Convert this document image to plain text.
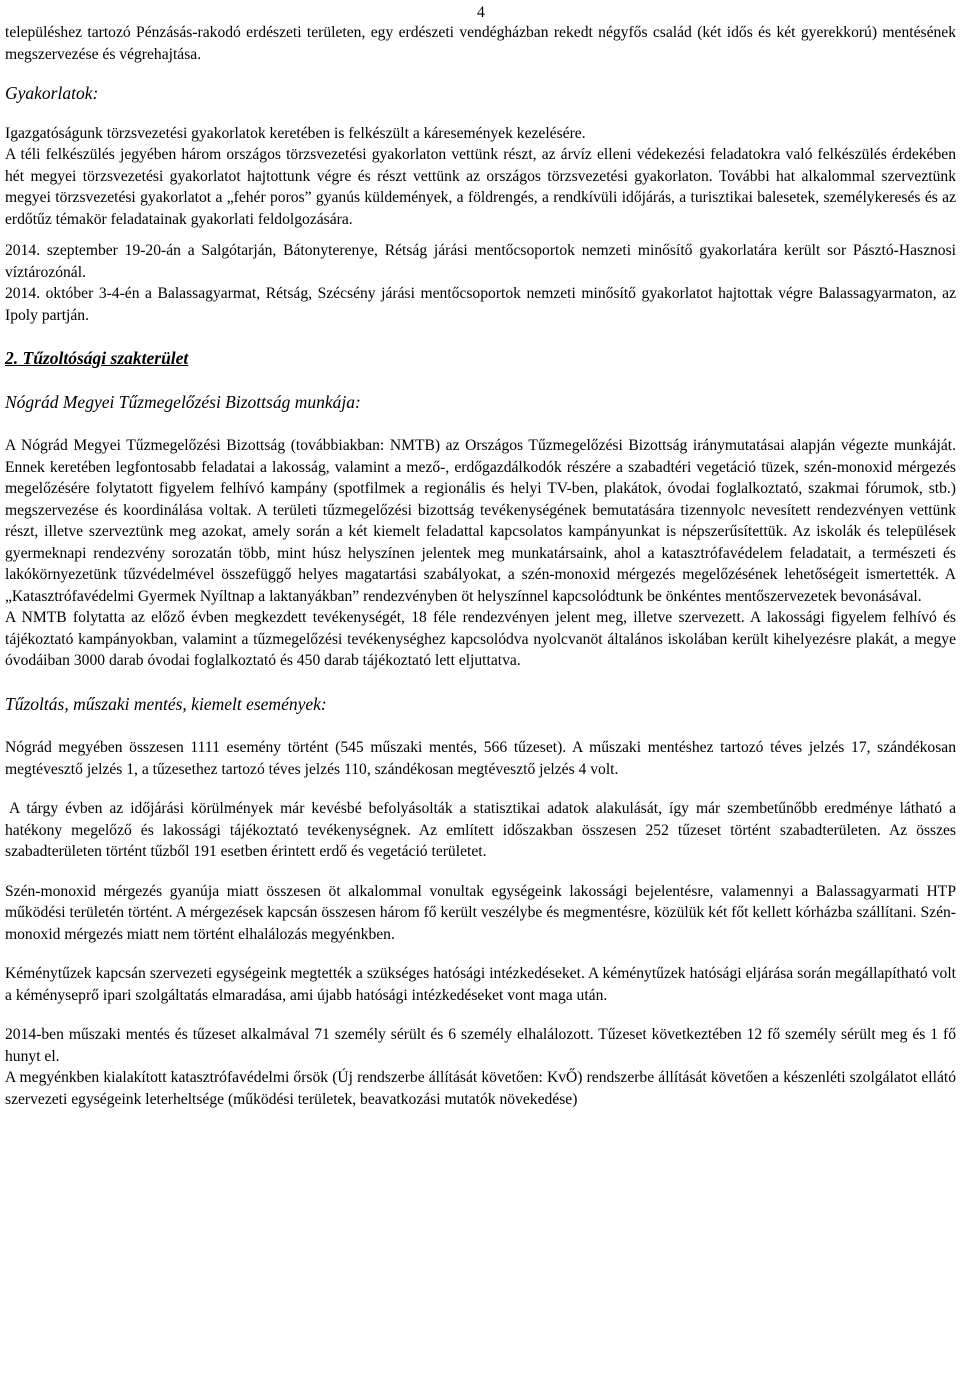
4

településhez tartozó Pénzásás-rakodó erdészeti területen, egy erdészeti vendégházban rekedt négyfős család (két idős és két gyerekkorú) mentésének megszervezése és végrehajtása.

Gyakorlatok:

Igazgatóságunk törzsvezetési gyakorlatok keretében is felkészült a káresemények kezelésére.

A téli felkészülés jegyében három országos törzsvezetési gyakorlaton vettünk részt, az árvíz elleni védekezési feladatokra való felkészülés érdekében hét megyei törzsvezetési gyakorlatot hajtottunk végre és részt vettünk az országos törzsvezetési gyakorlaton. További hat alkalommal szerveztünk megyei törzsvezetési gyakorlatot a „fehér poros” gyanús küldemények, a földrengés, a rendkívüli időjárás, a turisztikai balesetek, személykeresés és az erdőtűz témakör feladatainak gyakorlati feldolgozására.

2014. szeptember 19-20-án a Salgótarján, Bátonyterenye, Rétság járási mentőcsoportok nemzeti minősítő gyakorlatára került sor Pásztó-Hasznosi víztározónál.

2014. október 3-4-én a Balassagyarmat, Rétság, Szécsény járási mentőcsoportok nemzeti minősítő gyakorlatot hajtottak végre Balassagyarmaton, az Ipoly partján.

2. Tűzoltósági szakterület

Nógrád Megyei Tűzmegelőzési Bizottság munkája:

A Nógrád Megyei Tűzmegelőzési Bizottság (továbbiakban: NMTB) az Országos Tűzmegelőzési Bizottság iránymutatásai alapján végezte munkáját. Ennek keretében legfontosabb feladatai a lakosság, valamint a mező-, erdőgazdálkodók részére a szabadtéri vegetáció tüzek, szén-monoxid mérgezés megelőzésére folytatott figyelem felhívó kampány (spotfilmek a regionális és helyi TV-ben, plakátok, óvodai foglalkoztató, szakmai fórumok, stb.) megszervezése és koordinálása voltak. A területi tűzmegelőzési bizottság tevékenységének bemutatására tizennyolc nevesített rendezvényen vettünk részt, illetve szerveztünk meg azokat, amely során a két kiemelt feladattal kapcsolatos kampányunkat is népszerűsítettük. Az iskolák és települések gyermeknapi rendezvény sorozatán több, mint húsz helyszínen jelentek meg munkatársaink, ahol a katasztrófavédelem feladatait, a természeti és lakókörnyezetünk tűzvédelmével összefüggő helyes magatartási szabályokat, a szén-monoxid mérgezés megelőzésének lehetőségeit ismertették. A „Katasztrófavédelmi Gyermek Nyíltnap a laktanyákban” rendezvényben öt helyszínnel kapcsolódtunk be önkéntes mentőszervezetek bevonásával.

A NMTB folytatta az előző évben megkezdett tevékenységét, 18 féle rendezvényen jelent meg, illetve szervezett. A lakossági figyelem felhívó és tájékoztató kampányokban, valamint a tűzmegelőzési tevékenységhez kapcsolódva nyolcvanöt általános iskolában került kihelyezésre plakát, a megye óvodáiban 3000 darab óvodai foglalkoztató és 450 darab tájékoztató lett eljuttatva.

Tűzoltás, műszaki mentés, kiemelt események:

Nógrád megyében összesen 1111 esemény történt (545 műszaki mentés, 566 tűzeset). A műszaki mentéshez tartozó téves jelzés 17, szándékosan megtévesztő jelzés 1, a tűzesethez tartozó téves jelzés 110, szándékosan megtévesztő jelzés 4 volt.

A tárgy évben az időjárási körülmények már kevésbé befolyásolták a statisztikai adatok alakulását, így már szembetűnőbb eredménye látható a hatékony megelőző és lakossági tájékoztató tevékenységnek. Az említett időszakban összesen 252 tűzeset történt szabadterületen. Az összes szabadterületen történt tűzből 191 esetben érintett erdő és vegetáció területet.

Szén-monoxid mérgezés gyanúja miatt összesen öt alkalommal vonultak egységeink lakossági bejelentésre, valamennyi a Balassagyarmati HTP működési területén történt. A mérgezések kapcsán összesen három fő került veszélybe és megmentésre, közülük két főt kellett kórházba szállítani. Szén-monoxid mérgezés miatt nem történt elhalálozás megyénkben.

Kéménytűzek kapcsán szervezeti egységeink megtették a szükséges hatósági intézkedéseket. A kéménytűzek hatósági eljárása során megállapítható volt a kéményseprő ipari szolgáltatás elmaradása, ami újabb hatósági intézkedéseket vont maga után.

2014-ben műszaki mentés és tűzeset alkalmával 71 személy sérült és 6 személy elhalálozott. Tűzeset következtében 12 fő személy sérült meg és 1 fő hunyt el.

A megyénkben kialakított katasztrófavédelmi őrsök (Új rendszerbe állítását követően: KvŐ) rendszerbe állítását követően a készenléti szolgálatot ellátó szervezeti egységeink leterheltsége (működési területek, beavatkozási mutatók növekedése)
